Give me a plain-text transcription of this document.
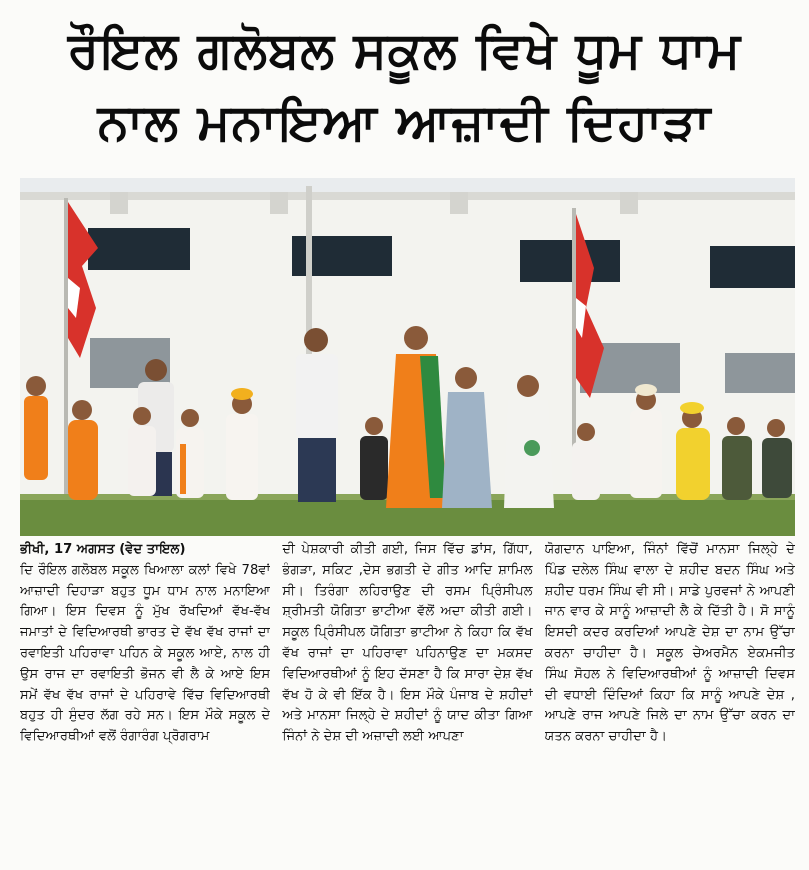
ਰੌਇਲ ਗਲੋਬਲ ਸਕੂਲ ਵਿਖੇ ਧੂਮ ਧਾਮ
ਨਾਲ ਮਨਾਇਆ ਆਜ਼ਾਦੀ ਦਿਹਾੜਾ
ਭੀਖੀ, 17 ਅਗਸਤ (ਵੇਦ ਤਾਇਲ)
ਦਿ ਰੌਇਲ ਗਲੋਬਲ ਸਕੂਲ ਖਿਆਲਾ ਕਲਾਂ ਵਿਖੇ 78ਵਾਂ ਆਜ਼ਾਦੀ ਦਿਹਾੜਾ ਬਹੁਤ ਧੂਮ ਧਾਮ ਨਾਲ ਮਨਾਇਆ ਗਿਆ। ਇਸ ਦਿਵਸ ਨੂੰ ਮੁੱਖ ਰੱਖਦਿਆਂ ਵੱਖ-ਵੱਖ ਜਮਾਤਾਂ ਦੇ ਵਿਦਿਆਰਥੀ ਭਾਰਤ ਦੇ ਵੱਖ ਵੱਖ ਰਾਜਾਂ ਦਾ ਰਵਾਇਤੀ ਪਹਿਰਾਵਾ ਪਹਿਨ ਕੇ ਸਕੂਲ ਆਏ, ਨਾਲ ਹੀ ਉਸ ਰਾਜ ਦਾ ਰਵਾਇਤੀ ਭੋਜਨ ਵੀ ਲੈ ਕੇ ਆਏ ਇਸ ਸਮੇਂ ਵੱਖ ਵੱਖ ਰਾਜਾਂ ਦੇ ਪਹਿਰਾਵੇ ਵਿੱਚ ਵਿਦਿਆਰਥੀ ਬਹੁਤ ਹੀ ਸੁੰਦਰ ਲੱਗ ਰਹੇ ਸਨ। ਇਸ ਮੌਕੇ ਸਕੂਲ ਦੇ ਵਿਦਿਆਰਥੀਆਂ ਵਲੋਂ ਰੰਗਾਰੰਗ ਪ੍ਰੋਗਰਾਮ
ਦੀ ਪੇਸ਼ਕਾਰੀ ਕੀਤੀ ਗਈ, ਜਿਸ ਵਿੱਚ ਡਾਂਸ, ਗਿੱਧਾ, ਭੰਗੜਾ, ਸਕਿਟ ,ਦੇਸ ਭਗਤੀ ਦੇ ਗੀਤ ਆਦਿ ਸ਼ਾਮਿਲ ਸੀ। ਤਿਰੰਗਾ ਲਹਿਰਾਉਣ ਦੀ ਰਸਮ ਪ੍ਰਿੰਸੀਪਲ ਸ਼੍ਰੀਮਤੀ ਯੋਗਿਤਾ ਭਾਟੀਆ ਵੱਲੋਂ ਅਦਾ ਕੀਤੀ ਗਈ। ਸਕੂਲ ਪ੍ਰਿੰਸੀਪਲ ਯੋਗਿਤਾ ਭਾਟੀਆ ਨੇ ਕਿਹਾ ਕਿ ਵੱਖ ਵੱਖ ਰਾਜਾਂ ਦਾ ਪਹਿਰਾਵਾ ਪਹਿਨਾਉਣ ਦਾ ਮਕਸਦ ਵਿਦਿਆਰਥੀਆਂ ਨੂੰ ਇਹ ਦੱਸਣਾ ਹੈ ਕਿ ਸਾਰਾ ਦੇਸ਼ ਵੱਖ ਵੱਖ ਹੋ ਕੇ ਵੀ ਇੱਕ ਹੈ। ਇਸ ਮੌਕੇ ਪੰਜਾਬ ਦੇ ਸ਼ਹੀਦਾਂ ਅਤੇ ਮਾਨਸਾ ਜਿਲ੍ਹੇ ਦੇ ਸ਼ਹੀਦਾਂ ਨੂੰ ਯਾਦ ਕੀਤਾ ਗਿਆ ਜਿੰਨਾਂ ਨੇ ਦੇਸ਼ ਦੀ ਅਜ਼ਾਦੀ ਲਈ ਆਪਣਾ
ਯੋਗਦਾਨ ਪਾਇਆ, ਜਿੰਨਾਂ ਵਿੱਚੋਂ ਮਾਨਸਾ ਜਿਲ੍ਹੇ ਦੇ ਪਿੰਡ ਦਲੇਲ ਸਿੰਘ ਵਾਲਾ ਦੇ ਸ਼ਹੀਦ ਬਦਨ ਸਿੰਘ ਅਤੇ ਸ਼ਹੀਦ ਧਰਮ ਸਿੰਘ ਵੀ ਸੀ। ਸਾਡੇ ਪੁਰਵਜਾਂ ਨੇ ਆਪਣੀ ਜਾਨ ਵਾਰ ਕੇ ਸਾਨੂੰ ਆਜ਼ਾਦੀ ਲੈ ਕੇ ਦਿੱਤੀ ਹੈ। ਸੋ ਸਾਨੂੰ ਇਸਦੀ ਕਦਰ ਕਰਦਿਆਂ ਆਪਣੇ ਦੇਸ਼ ਦਾ ਨਾਮ ਉੱਚਾ ਕਰਨਾ ਚਾਹੀਦਾ ਹੈ। ਸਕੂਲ ਚੇਅਰਮੈਨ ਏਕਮਜੀਤ ਸਿੰਘ ਸੋਹਲ ਨੇ ਵਿਦਿਆਰਥੀਆਂ ਨੂੰ ਆਜ਼ਾਦੀ ਦਿਵਸ ਦੀ ਵਧਾਈ ਦਿੰਦਿਆਂ ਕਿਹਾ ਕਿ ਸਾਨੂੰ ਆਪਣੇ ਦੇਸ਼ , ਆਪਣੇ ਰਾਜ ਆਪਣੇ ਜਿਲੇ ਦਾ ਨਾਮ ਉੱਚਾ ਕਰਨ ਦਾ ਯਤਨ ਕਰਨਾ ਚਾਹੀਦਾ ਹੈ।
